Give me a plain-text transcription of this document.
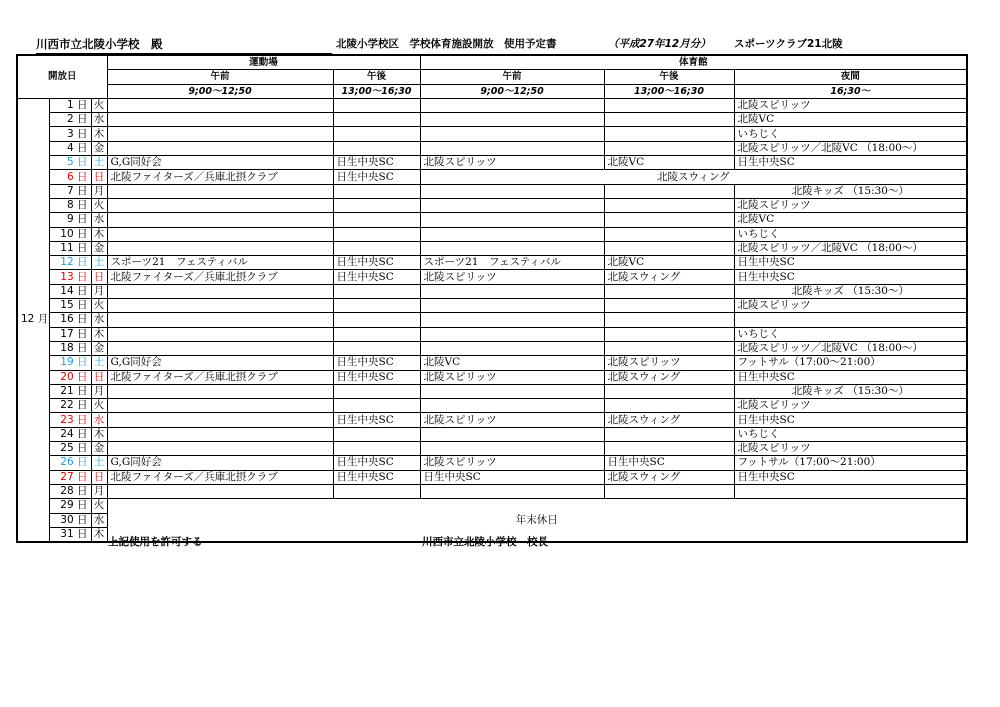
川西市立北陵小学校　殿	北陵小学校区　学校体育施設開放　使用予定書	（平成27年12月分） スポーツクラブ21北陵
開放日			運動場		体育館		
			午前	午後	午前	午後	夜間
			9;00～12;50	13;00～16;30	9;00～12;50	13;00～16;30	16;30～
12 月	1 日	火					北陵スピリッツ
	2 日	水					北陵VC
	3 日	木					いちじく
	4 日	金					北陵スピリッツ／北陵VC （18:00～）
	5 日	土	G,G同好会	日生中央SC	北陵スピリッツ	北陵VC	日生中央SC
	6 日	日	北陵ファイターズ／兵庫北摂クラブ	日生中央SC	北陵スウィング		
	7 日	月					北陵キッズ （15:30～）
	8 日	火					北陵スピリッツ
	9 日	水					北陵VC
	10 日	木					いちじく
	11 日	金					北陵スピリッツ／北陵VC （18:00～）
	12 日	土	スポーツ21　フェスティバル	日生中央SC	スポーツ21　フェスティバル	北陵VC	日生中央SC
	13 日	日	北陵ファイターズ／兵庫北摂クラブ	日生中央SC	北陵スピリッツ	北陵スウィング	日生中央SC
	14 日	月					北陵キッズ （15:30～）
	15 日	火					北陵スピリッツ
	16 日	水					
	17 日	木					いちじく
	18 日	金					北陵スピリッツ／北陵VC （18:00～）
	19 日	土	G,G同好会	日生中央SC	北陵VC	北陵スピリッツ	フットサル（17:00～21:00）
	20 日	日	北陵ファイターズ／兵庫北摂クラブ	日生中央SC	北陵スピリッツ	北陵スウィング	日生中央SC
	21 日	月					北陵キッズ （15:30～）
	22 日	火					北陵スピリッツ
	23 日	水		日生中央SC	北陵スピリッツ	北陵スウィング	日生中央SC
	24 日	木					いちじく
	25 日	金					北陵スピリッツ
	26 日	土	G,G同好会	日生中央SC	北陵スピリッツ	日生中央SC	フットサル（17:00～21:00）
	27 日	日	北陵ファイターズ／兵庫北摂クラブ	日生中央SC	日生中央SC	北陵スウィング	日生中央SC
	28 日	月					
	29 日	火	年末休日				
	30 日	水					
	31 日	木					
上記使用を許可する	川西市立北陵小学校　校長
